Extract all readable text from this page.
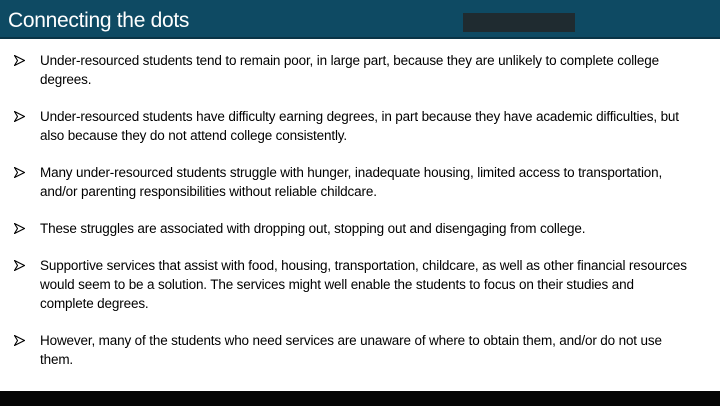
Connecting the dots
Under-resourced students tend to remain poor, in large part, because they are unlikely to complete college degrees.
Under-resourced students have difficulty earning degrees, in part because they have academic difficulties, but also because they do not attend college consistently.
Many under-resourced students struggle with hunger, inadequate housing, limited access to transportation, and/or parenting responsibilities without reliable childcare.
These struggles are associated with dropping out, stopping out and disengaging from college.
Supportive services that assist with food, housing, transportation, childcare, as well as other financial resources would seem to be a solution. The services might well enable the students to focus on their studies and complete degrees.
However, many of the students who need services are unaware of where to obtain them, and/or do not use them.
